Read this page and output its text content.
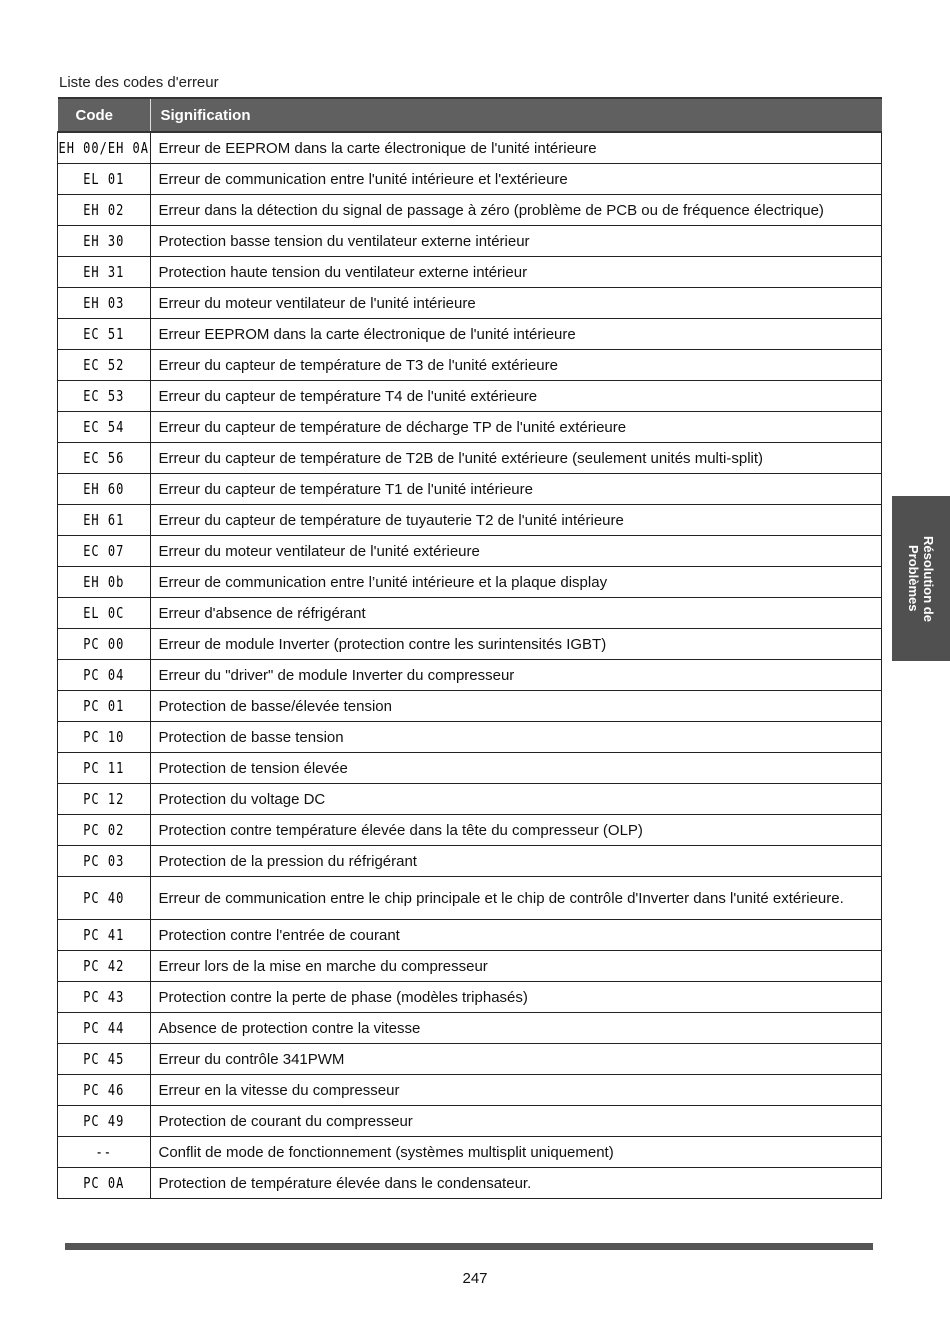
Liste des codes d'erreur
Code	Signification
EH 00/EH 0A	Erreur de EEPROM dans la carte électronique de l'unité intérieure
EL 01	Erreur de communication entre l'unité intérieure et l'extérieure
EH 02	Erreur dans la détection du signal de passage à zéro (problème de PCB ou de fréquence électrique)
EH 30	Protection basse tension du ventilateur externe intérieur
EH 31	Protection haute tension du ventilateur externe intérieur
EH 03	Erreur du moteur ventilateur de l'unité intérieure
EC 51	Erreur EEPROM dans la carte électronique de l'unité intérieure
EC 52	Erreur du capteur de température de T3 de l'unité extérieure
EC 53	Erreur du capteur de température T4 de l'unité extérieure
EC 54	Erreur du capteur de température de décharge TP de l'unité extérieure
EC 56	Erreur du capteur de température de T2B de l'unité extérieure (seulement unités multi-split)
EH 60	Erreur du capteur de température T1 de l'unité intérieure
EH 61	Erreur du capteur de température de tuyauterie T2 de l'unité intérieure
EC 07	Erreur du moteur ventilateur de l'unité extérieure
EH 0b	Erreur de communication entre l’unité intérieure et la plaque display
EL 0C	Erreur d'absence de réfrigérant
PC 00	Erreur de module Inverter (protection contre les surintensités IGBT)
PC 04	Erreur du "driver" de module Inverter du compresseur
PC 01	Protection de basse/élevée tension
PC 10	Protection de basse tension
PC 11	Protection de tension élevée
PC 12	Protection du voltage DC
PC 02	Protection contre température élevée dans la tête du compresseur (OLP)
PC 03	Protection de la pression du réfrigérant
PC 40	Erreur de communication entre le chip principale et le chip de contrôle d'Inverter dans l'unité extérieure.
PC 41	Protection contre l'entrée de courant
PC 42	Erreur lors de la mise en marche du compresseur
PC 43	Protection contre la perte de phase (modèles triphasés)
PC 44	Absence de protection contre la vitesse
PC 45	Erreur du contrôle 341PWM
PC 46	Erreur en la vitesse du compresseur
PC 49	Protection de courant du compresseur
--	Conflit de mode de fonctionnement (systèmes multisplit uniquement)
PC 0A	Protection de température élevée dans le condensateur.
Résolution de
Problèmes
247
